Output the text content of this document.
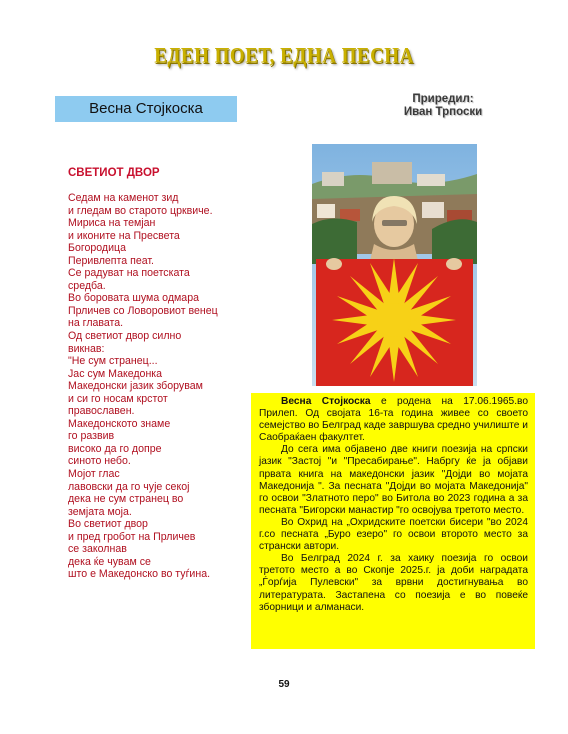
ЕДЕН ПОЕТ, ЕДНА ПЕСНА
Весна Стојкоска
Приредил:
Иван Трпоски
СВЕТИОТ ДВОР
Седам на каменот зид
и гледам во старото црквиче.
Мириса на темјан
и иконите на Пресвета
Богородица
Перивлепта пеат.
Се радуват на поетската
средба.
Во боровата шума одмара
Прличев со Ловоровиот венец
на главата.
Од светиот двор силно
викнав:
"Не сум странец...
Јас сум Македонка
Македонски јазик зборувам
и си го носам крстот
православен.
Македонското знаме
го развив
високо да го допре
синото небо.
Мојот глас
лавовски да го чује секој
дека не сум странец во
земјата моја.
Во светиот двор
и пред гробот на Прличев
се заколнав
дека ќе чувам се
што е Македонско во туѓина.

Весна Стојкоска е родена на 17.06.1965.во Прилеп. Од својата 16-та година живее со своето семејство во Белград каде завршува средно училиште и Саобраќаен факултет.

До сега има објавено две книги поезија на српски јазик "Застој "и "Пресабирање". Набргу ќе ја објави првата книга на македонски јазик "Дојди во мојата Македонија ". За песната "Дојди во мојата Македонија" го освои "Златното перо" во Битола во 2023 година а за песната "Бигорски манастир "го освојува третото место.

Во Охрид на „Охридските поетски бисери "во 2024 г.со песната „Буро езеро" го освои второто место за странски автори.

Во Белград 2024 г. за хаику поезија го освои третото место а во Скопје 2025.г. ја доби наградата „Ѓорѓија Пулевски" за врвни достигнувања во литературата. Застапена со поезија е во повеќе зборници и алманаси.

59
